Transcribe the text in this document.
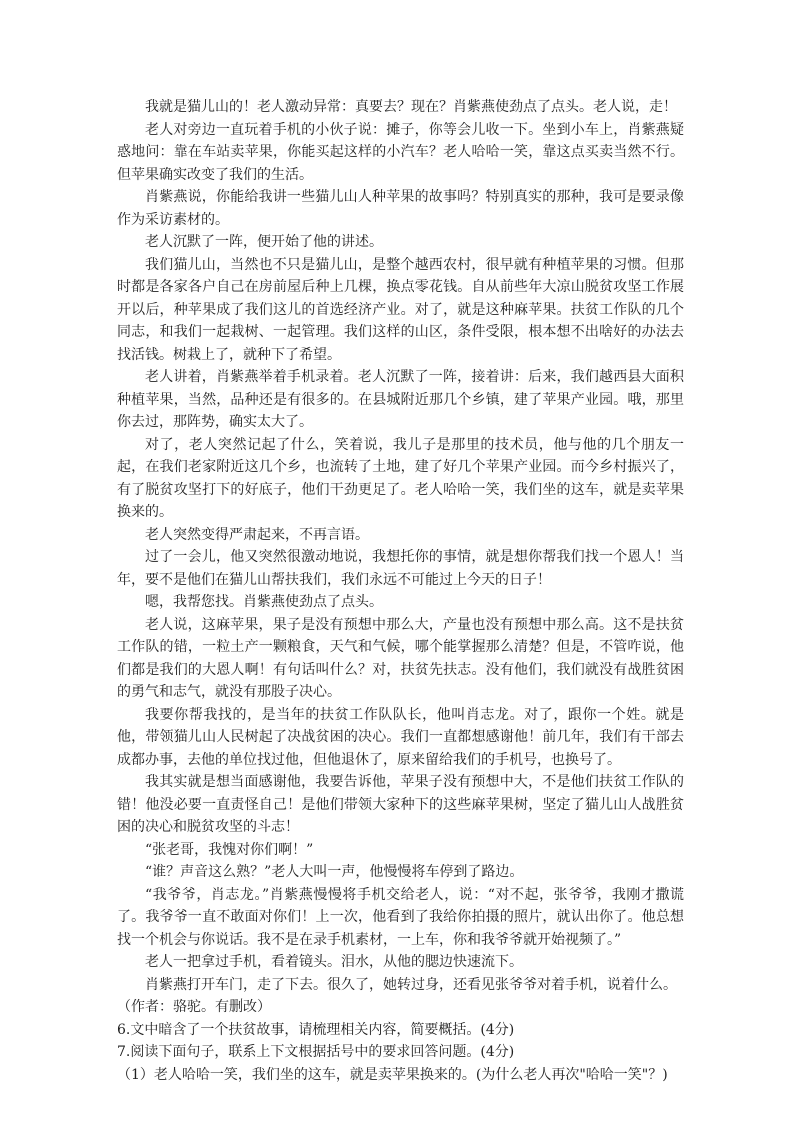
我就是猫儿山的！老人激动异常：真要去？现在？肖紫燕使劲点了点头。老人说，走！

老人对旁边一直玩着手机的小伙子说：摊子，你等会儿收一下。坐到小车上，肖紫燕疑惑地问：靠在车站卖苹果，你能买起这样的小汽车？老人哈哈一笑，靠这点买卖当然不行。但苹果确实改变了我们的生活。

肖紫燕说，你能给我讲一些猫儿山人种苹果的故事吗？特别真实的那种，我可是要录像作为采访素材的。

老人沉默了一阵，便开始了他的讲述。

我们猫儿山，当然也不只是猫儿山，是整个越西农村，很早就有种植苹果的习惯。但那时都是各家各户自己在房前屋后种上几棵，换点零花钱。自从前些年大凉山脱贫攻坚工作展开以后，种苹果成了我们这儿的首选经济产业。对了，就是这种麻苹果。扶贫工作队的几个同志，和我们一起栽树、一起管理。我们这样的山区，条件受限，根本想不出啥好的办法去找活钱。树栽上了，就种下了希望。

老人讲着，肖紫燕举着手机录着。老人沉默了一阵，接着讲：后来，我们越西县大面积种植苹果，当然，品种还是有很多的。在县城附近那几个乡镇，建了苹果产业园。哦，那里你去过，那阵势，确实太大了。

对了，老人突然记起了什么，笑着说，我儿子是那里的技术员，他与他的几个朋友一起，在我们老家附近这几个乡，也流转了土地，建了好几个苹果产业园。而今乡村振兴了，有了脱贫攻坚打下的好底子，他们干劲更足了。老人哈哈一笑，我们坐的这车，就是卖苹果换来的。

老人突然变得严肃起来，不再言语。

过了一会儿，他又突然很激动地说，我想托你的事情，就是想你帮我们找一个恩人！当年，要不是他们在猫儿山帮扶我们，我们永远不可能过上今天的日子！

嗯，我帮您找。肖紫燕使劲点了点头。

老人说，这麻苹果，果子是没有预想中那么大，产量也没有预想中那么高。这不是扶贫工作队的错，一粒土产一颗粮食，天气和气候，哪个能掌握那么清楚？但是，不管咋说，他们都是我们的大恩人啊！有句话叫什么？对，扶贫先扶志。没有他们，我们就没有战胜贫困的勇气和志气，就没有那股子决心。

我要你帮我找的，是当年的扶贫工作队队长，他叫肖志龙。对了，跟你一个姓。就是他，带领猫儿山人民树起了决战贫困的决心。我们一直都想感谢他！前几年，我们有干部去成都办事，去他的单位找过他，但他退休了，原来留给我们的手机号，也换号了。

我其实就是想当面感谢他，我要告诉他，苹果子没有预想中大，不是他们扶贫工作队的错！他没必要一直责怪自己！是他们带领大家种下的这些麻苹果树，坚定了猫儿山人战胜贫困的决心和脱贫攻坚的斗志！

“张老哥，我愧对你们啊！”

“谁？声音这么熟？”老人大叫一声，他慢慢将车停到了路边。

“我爷爷，肖志龙。”肖紫燕慢慢将手机交给老人，说：“对不起，张爷爷，我刚才撒谎了。我爷爷一直不敢面对你们！上一次，他看到了我给你拍摄的照片，就认出你了。他总想找一个机会与你说话。我不是在录手机素材，一上车，你和我爷爷就开始视频了。”

老人一把拿过手机，看着镜头。泪水，从他的腮边快速流下。

肖紫燕打开车门，走了下去。很久了，她转过身，还看见张爷爷对着手机，说着什么。

（作者：骆驼。有删改）

6.文中暗含了一个扶贫故事，请梳理相关内容，简要概括。(4分)

7.阅读下面句子，联系上下文根据括号中的要求回答问题。(4分)

（1）老人哈哈一笑，我们坐的这车，就是卖苹果换来的。(为什么老人再次"哈哈一笑"？)
